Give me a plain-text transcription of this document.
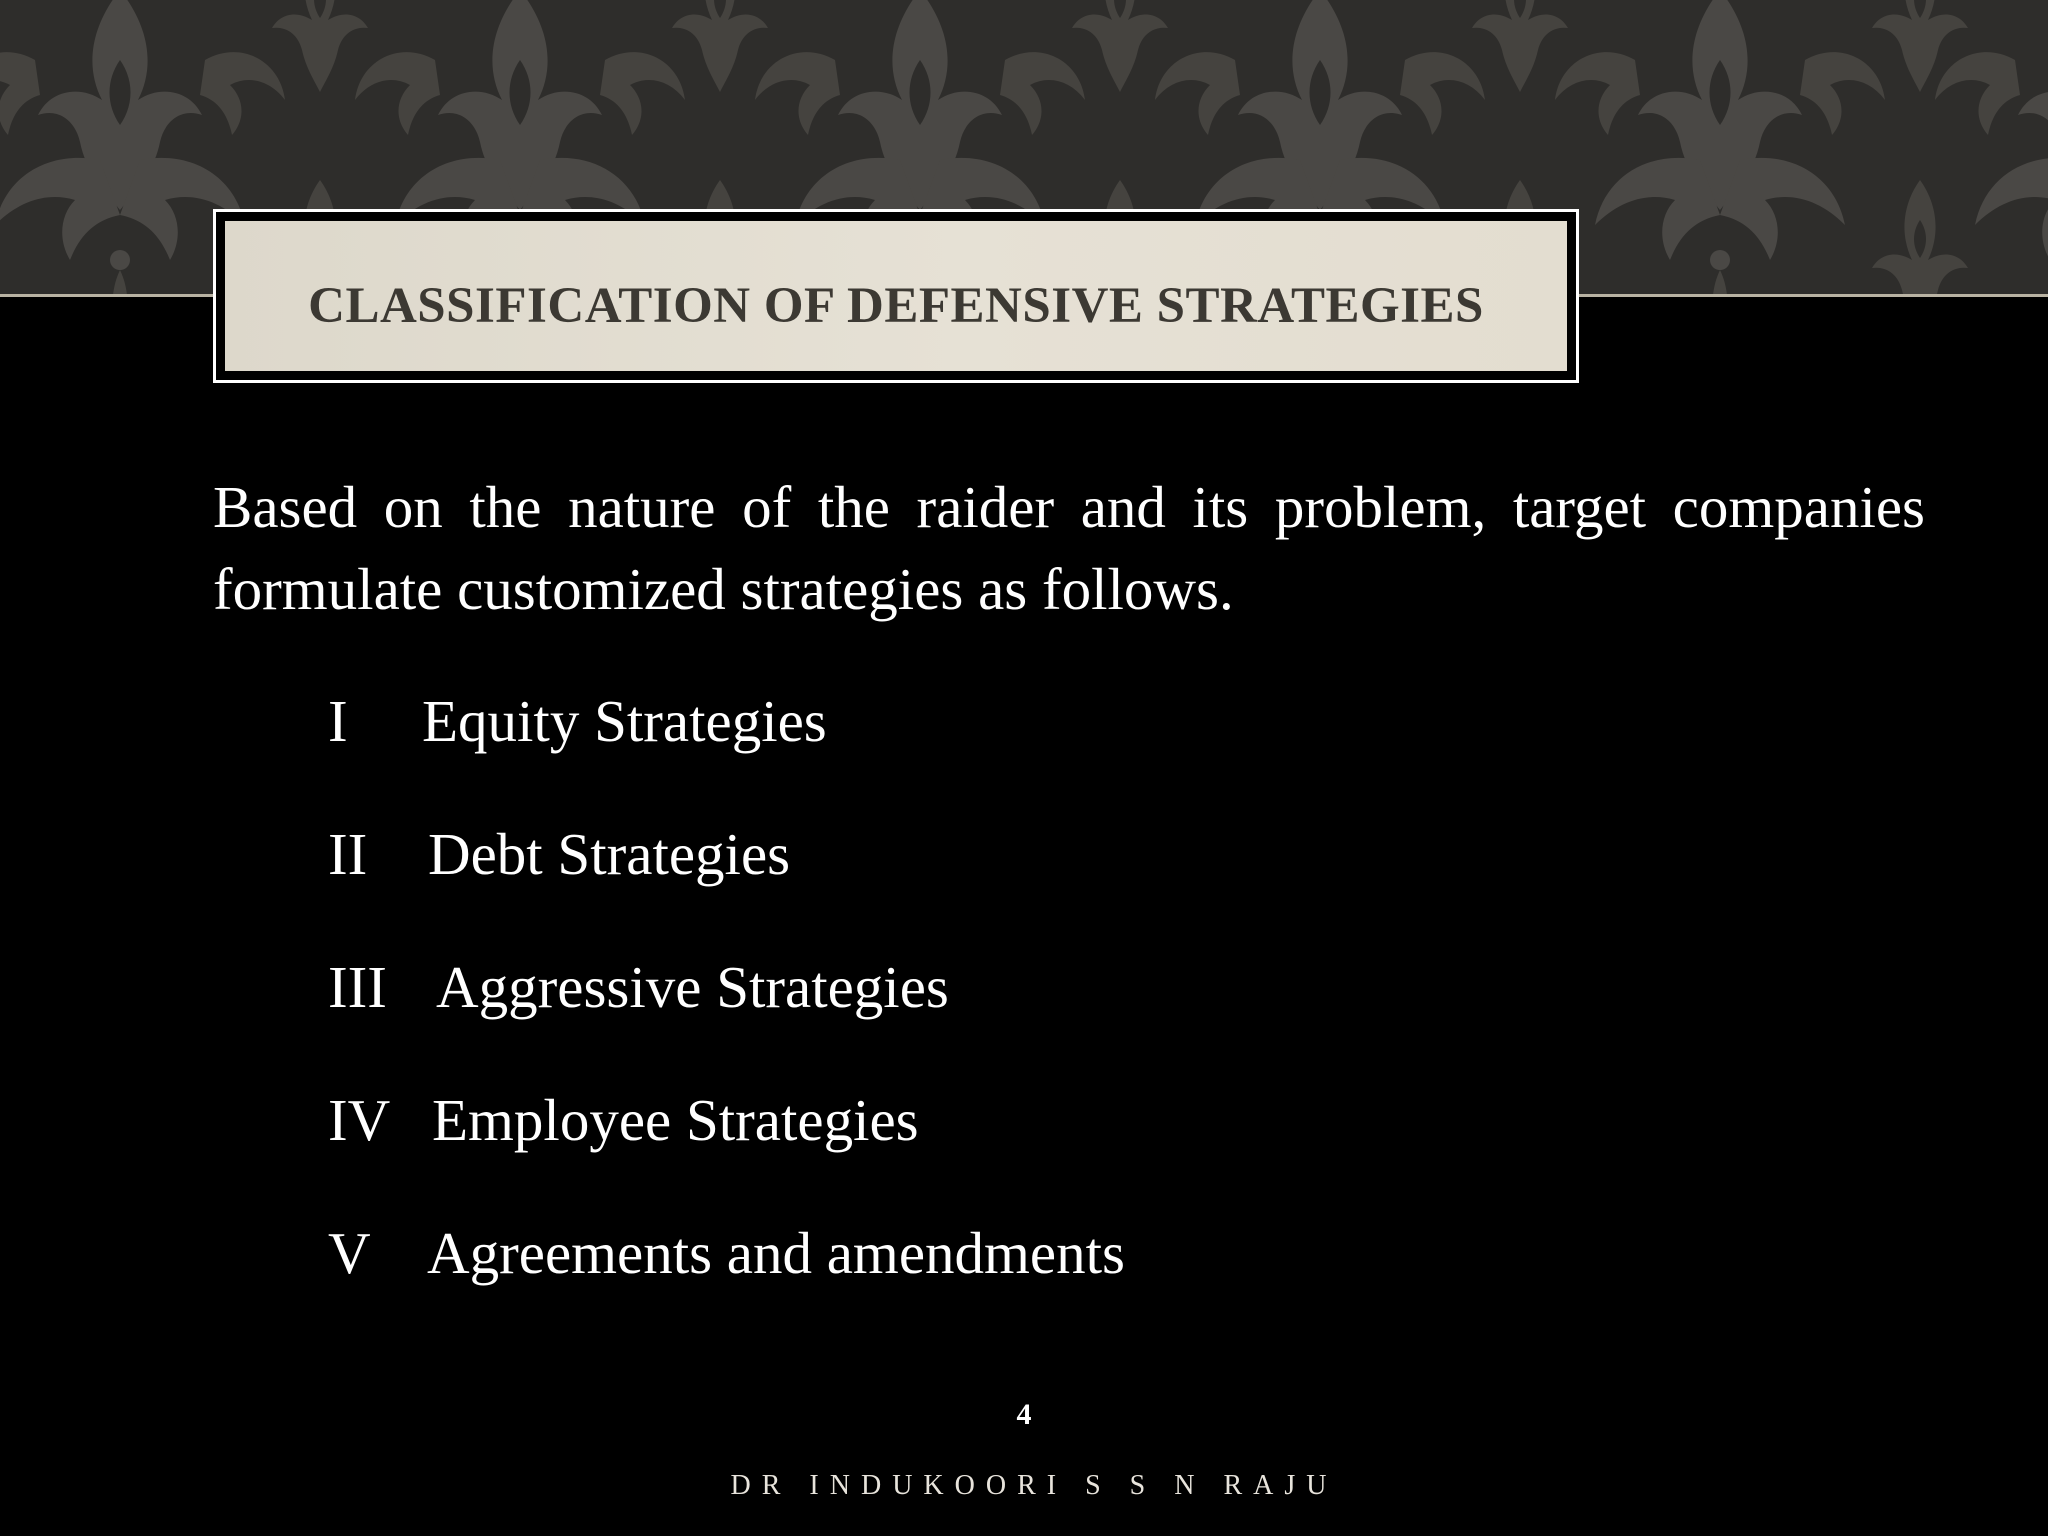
CLASSIFICATION OF DEFENSIVE STRATEGIES

Based on the nature of the raider and its problem, target companies formulate customized strategies as follows.

I Equity Strategies
II Debt Strategies
III Aggressive Strategies
IV Employee Strategies
V Agreements and amendments
4
DR INDUKOORI S S N RAJU
